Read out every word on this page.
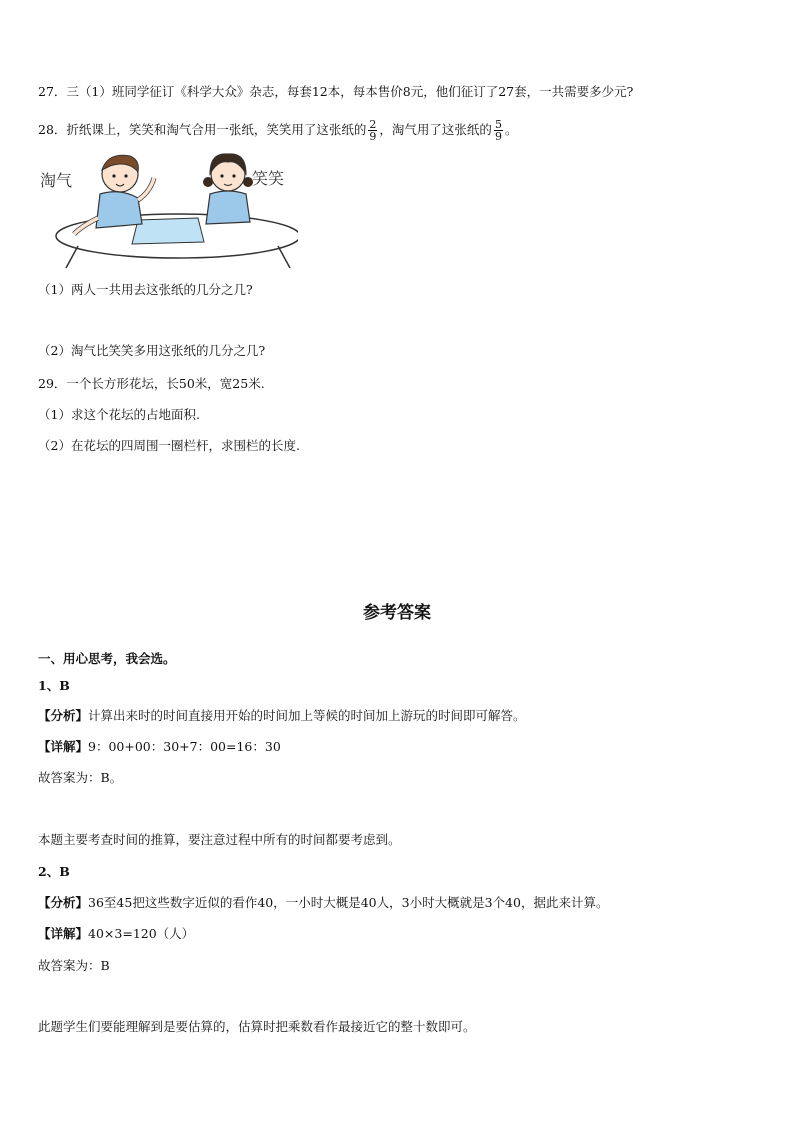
27．三（1）班同学征订《科学大众》杂志，每套12本，每本售价8元，他们征订了27套，一共需要多少元?
28．折纸课上，笑笑和淘气合用一张纸，笑笑用了这张纸的 $\frac{2}{9}$ ，淘气用了这张纸的 $\frac{5}{9}$ 。
淘气	笑笑
（1）两人一共用去这张纸的几分之几?
（2）淘气比笑笑多用这张纸的几分之几?
29．一个长方形花坛，长50米，宽25米.
（1）求这个花坛的占地面积.
（2）在花坛的四周围一圈栏杆，求围栏的长度.
参考答案
一、用心思考，我会选。
1、B
【分析】计算出来时的时间直接用开始的时间加上等候的时间加上游玩的时间即可解答。
【详解】9：00+00：30+7：00=16：30
故答案为：B。
本题主要考查时间的推算，要注意过程中所有的时间都要考虑到。
2、B
【分析】36至45把这些数字近似的看作40，一小时大概是40人，3小时大概就是3个40，据此来计算。
【详解】40×3=120（人）
故答案为：B
此题学生们要能理解到是要估算的，估算时把乘数看作最接近它的整十数即可。
